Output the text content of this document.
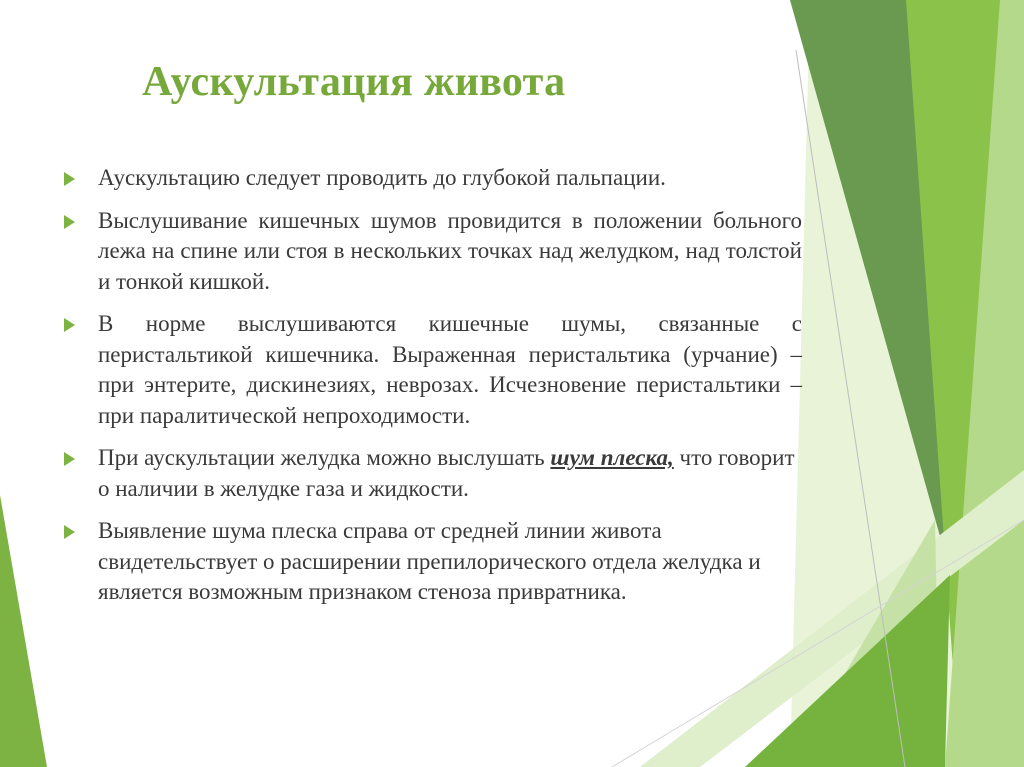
Аускультация живота
Аускультацию следует проводить до глубокой пальпации.
Выслушивание кишечных шумов провидится в положении больного лежа на спине или стоя в нескольких точках над желудком, над толстой и тонкой кишкой.
В норме выслушиваются кишечные шумы, связанные с перистальтикой кишечника. Выраженная перистальтика (урчание) – при энтерите, дискинезиях, неврозах. Исчезновение перистальтики – при паралитической непроходимости.
При аускультации желудка можно выслушать шум плеска, что говорит о наличии в желудке газа и жидкости.
Выявление шума плеска справа от средней линии живота свидетельствует о расширении препилорического отдела желудка и является возможным признаком стеноза привратника.
